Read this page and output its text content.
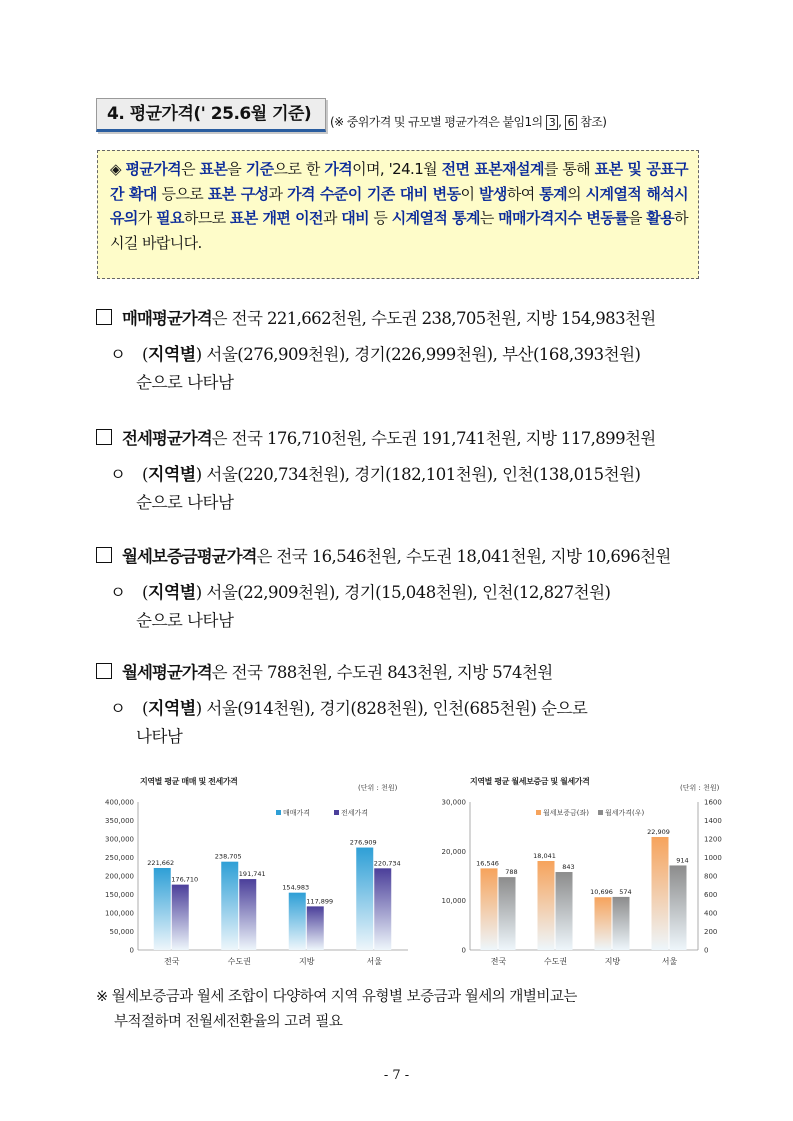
4. 평균가격(' 25.6월 기준)	(※ 중위가격 및 규모별 평균가격은 붙임1의 3 , 6 참조)
◈ 평균가격은 표본을 기준으로 한 가격이며, '24.1월 전면 표본재설계를 통해 표본 및 공표구간 확대 등으로 표본 구성과 가격 수준이 기존 대비 변동이 발생하여 통계의 시계열적 해석시 유의가 필요하므로 표본 개편 이전과 대비 등 시계열적 통계는 매매가격지수 변동률을 활용하시길 바랍니다.
매매평균가격은 전국 221,662천원, 수도권 238,705천원, 지방 154,983천원
ㅇ (지역별) 서울(276,909천원), 경기(226,999천원), 부산(168,393천원)
순으로 나타남
전세평균가격은 전국 176,710천원, 수도권 191,741천원, 지방 117,899천원
ㅇ (지역별) 서울(220,734천원), 경기(182,101천원), 인천(138,015천원)
순으로 나타남
월세보증금평균가격은 전국 16,546천원, 수도권 18,041천원, 지방 10,696천원
ㅇ (지역별) 서울(22,909천원), 경기(15,048천원), 인천(12,827천원)
순으로 나타남
월세평균가격은 전국 788천원, 수도권 843천원, 지방 574천원
ㅇ (지역별) 서울(914천원), 경기(828천원), 인천(685천원) 순으로
나타남
지역별 평균 매매 및 전세가격
(단위 : 천원)
400,000
350,000
300,000
250,000
200,000
150,000
100,000
50,000
0
전국
221,662
176,710
수도권
238,705
191,741
지방
154,983
117,899
서울
276,909
220,734
매매가격	전세가격
지역별 평균 월세보증금 및 월세가격
(단위 : 천원)
30,000
20,000
10,000
0
1600
1400
1200
1000
800
600
400
200
0
전국
16,546
788
수도권
18,041
843
지방
10,696 574
서울
22,909
914
월세보증금(좌) 월세가격(우)
※ 월세보증금과 월세 조합이 다양하여 지역 유형별 보증금과 월세의 개별비교는
부적절하며 전월세전환율의 고려 필요
- 7 -
